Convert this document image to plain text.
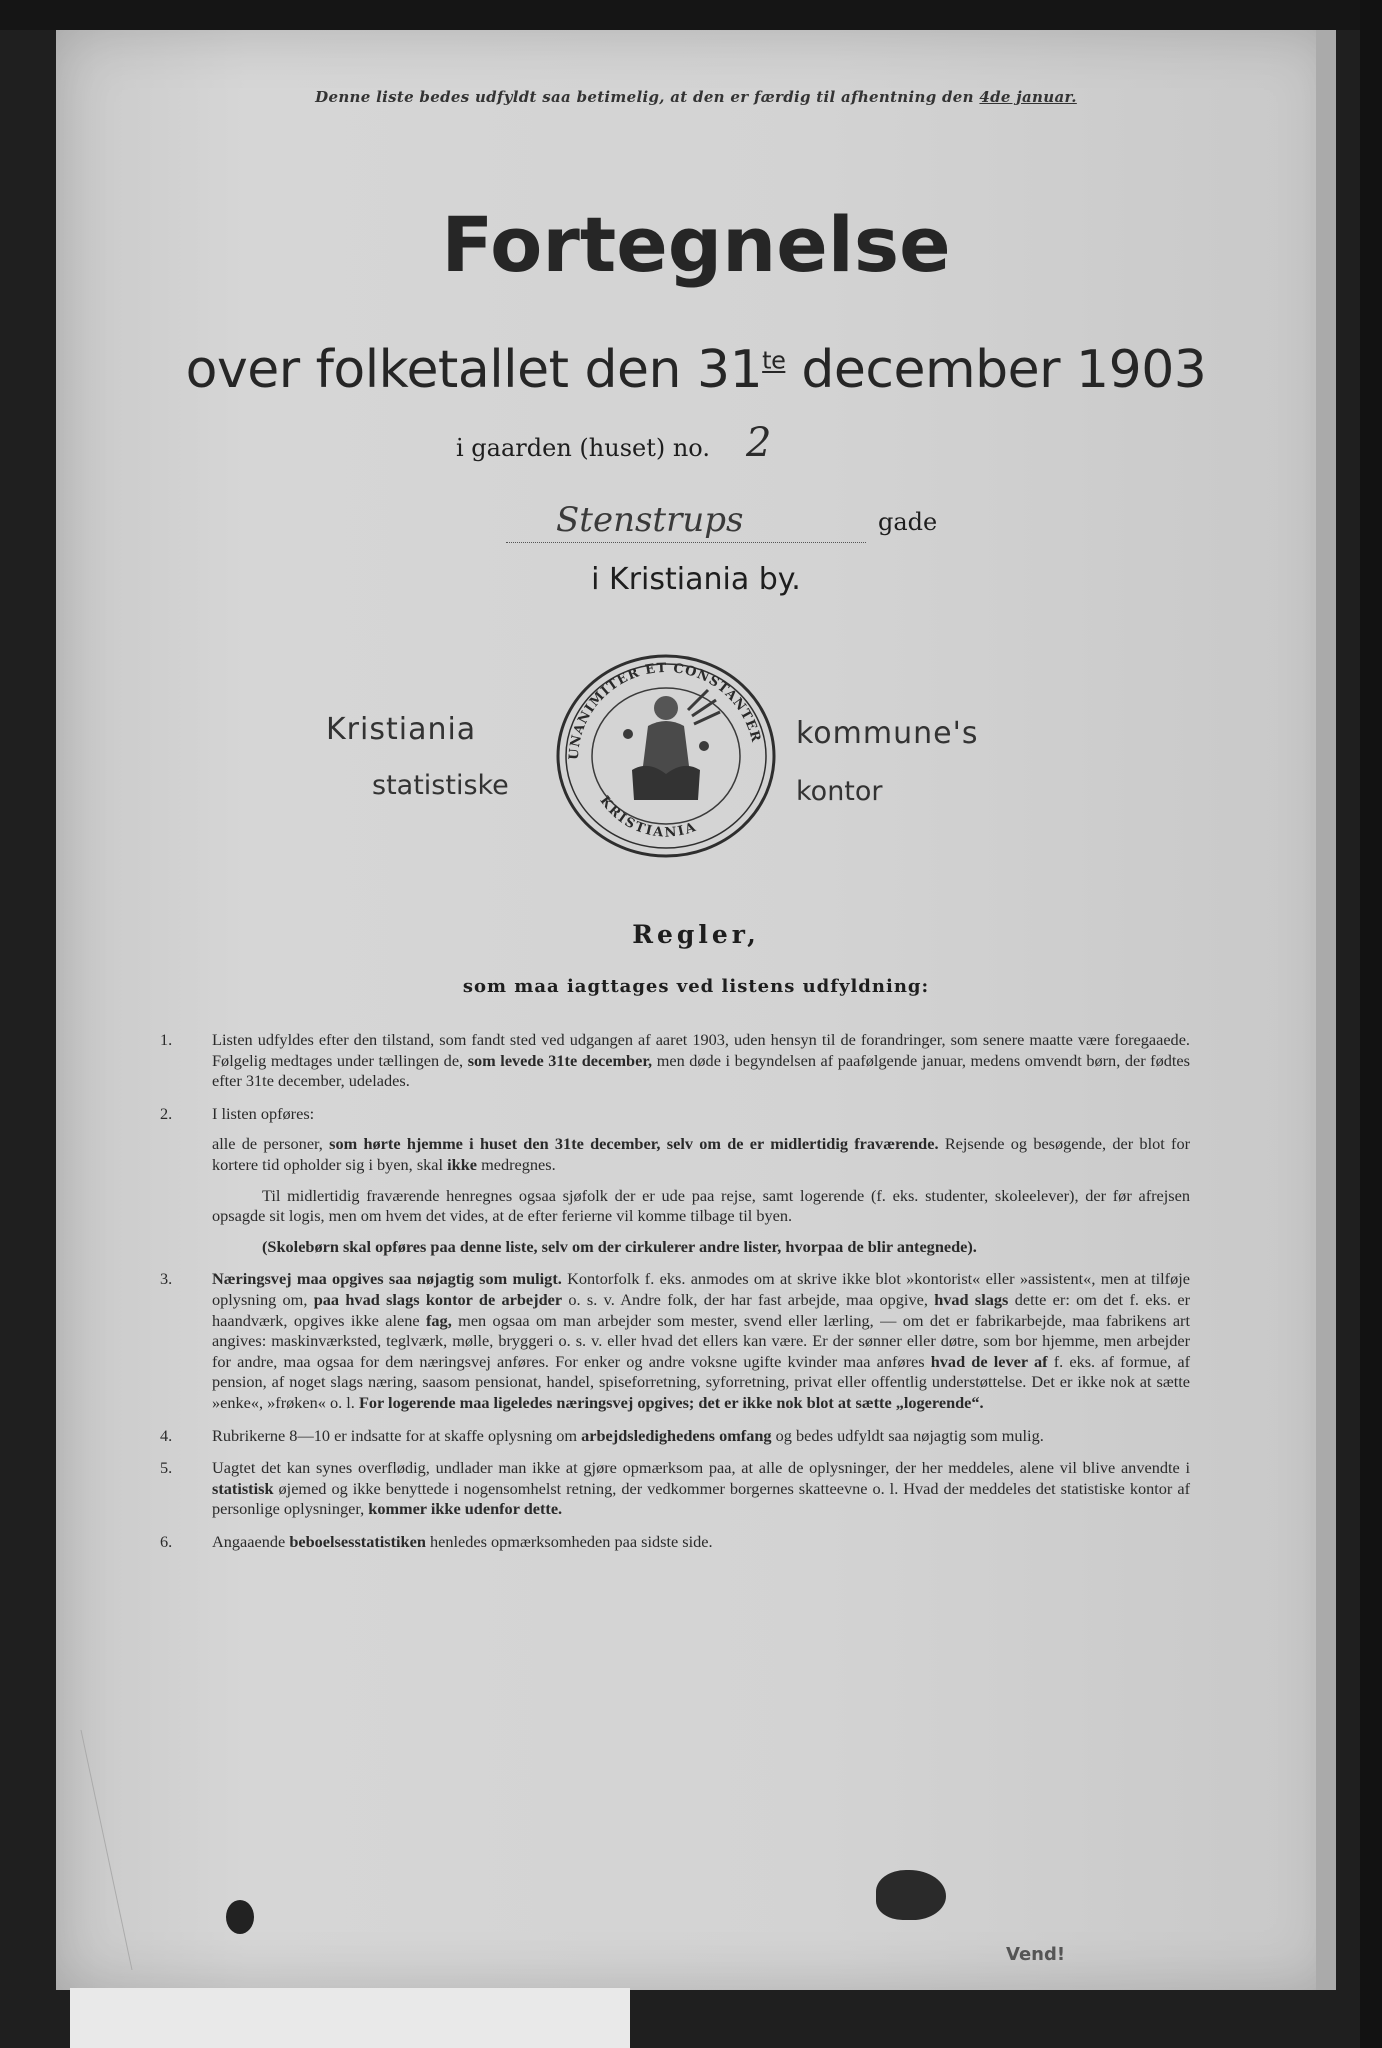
Denne liste bedes udfyldt saa betimelig, at den er færdig til afhentning den 4de januar.
Fortegnelse
over folketallet den $31^{te}$ december 1903
i gaarden (huset) no. 2
Stenstrups	gade
i Kristiania by.
Kristiania
statistiske
kommune's
kontor
UNANIMITER ET CONSTANTER
KRISTIANIA
Regler,
som maa iagttages ved listens udfyldning:
1. Listen udfyldes efter den tilstand, som fandt sted ved udgangen af aaret 1903, uden hensyn til de forandringer, som senere maatte være foregaaede. Følgelig medtages under tællingen de, som levede 31te december, men døde i begyndelsen af paafølgende januar, medens omvendt børn, der fødtes efter 31te december, udelades.
2. I listen opføres:

alle de personer, som hørte hjemme i huset den 31te december, selv om de er midlertidig fraværende. Rejsende og besøgende, der blot for kortere tid opholder sig i byen, skal ikke medregnes.

Til midlertidig fraværende henregnes ogsaa sjøfolk der er ude paa rejse, samt logerende (f. eks. studenter, skoleelever), der før afrejsen opsagde sit logis, men om hvem det vides, at de efter ferierne vil komme tilbage til byen.

(Skolebørn skal opføres paa denne liste, selv om der cirkulerer andre lister, hvorpaa de blir antegnede).

3. Næringsvej maa opgives saa nøjagtig som muligt. Kontorfolk f. eks. anmodes om at skrive ikke blot »kontorist« eller »assistent«, men at tilføje oplysning om, paa hvad slags kontor de arbejder o. s. v. Andre folk, der har fast arbejde, maa opgive, hvad slags dette er: om det f. eks. er haandværk, opgives ikke alene fag, men ogsaa om man arbejder som mester, svend eller lærling, — om det er fabrikarbejde, maa fabrikens art angives: maskinværksted, teglværk, mølle, bryggeri o. s. v. eller hvad det ellers kan være. Er der sønner eller døtre, som bor hjemme, men arbejder for andre, maa ogsaa for dem næringsvej anføres. For enker og andre voksne ugifte kvinder maa anføres hvad de lever af f. eks. af formue, af pension, af noget slags næring, saasom pensionat, handel, spiseforretning, syforretning, privat eller offentlig understøttelse. Det er ikke nok at sætte »enke«, »frøken« o. l. For logerende maa ligeledes næringsvej opgives; det er ikke nok blot at sætte „logerende“.
4. Rubrikerne 8—10 er indsatte for at skaffe oplysning om arbejdsledighedens omfang og bedes udfyldt saa nøjagtig som mulig.
5. Uagtet det kan synes overflødig, undlader man ikke at gjøre opmærksom paa, at alle de oplysninger, der her meddeles, alene vil blive anvendte i statistisk øjemed og ikke benyttede i nogensomhelst retning, der vedkommer borgernes skatteevne o. l. Hvad der meddeles det statistiske kontor af personlige oplysninger, kommer ikke udenfor dette.
6. Angaaende beboelsesstatistiken henledes opmærksomheden paa sidste side.
Vend!
